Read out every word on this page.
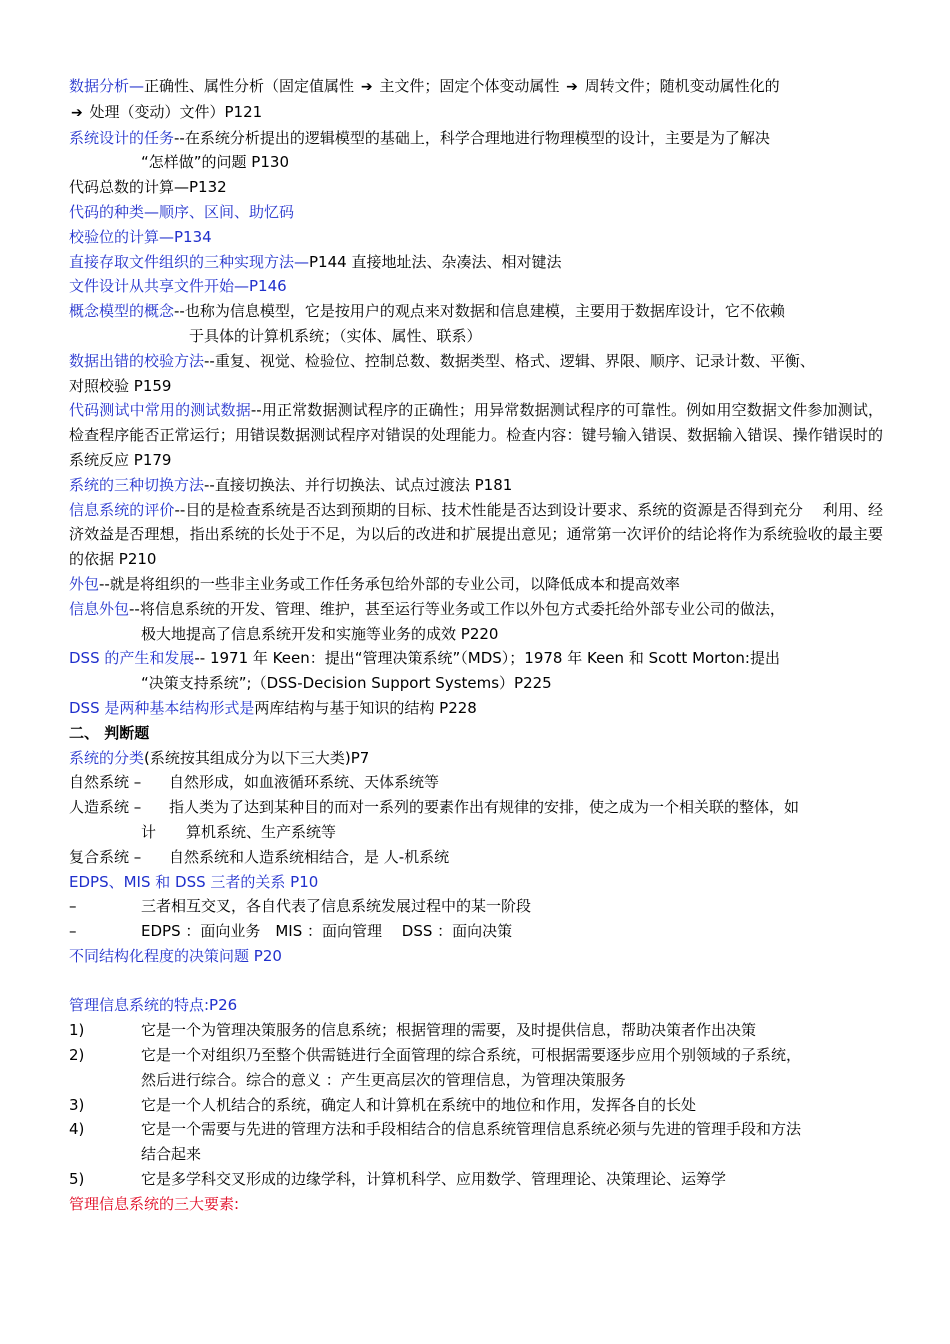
数据分析—正确性、属性分析（固定值属性 ➔ 主文件；固定个体变动属性 ➔ 周转文件；随机变动属性化的
➔ 处理（变动）文件）P121
系统设计的任务--在系统分析提出的逻辑模型的基础上，科学合理地进行物理模型的设计，主要是为了解决
“怎样做”的问题 P130
代码总数的计算—P132
代码的种类—顺序、区间、助忆码
校验位的计算—P134
直接存取文件组织的三种实现方法—P144 直接地址法、杂凑法、相对键法
文件设计从共享文件开始—P146
概念模型的概念--也称为信息模型，它是按用户的观点来对数据和信息建模，主要用于数据库设计，它不依赖
于具体的计算机系统；（实体、属性、联系）
数据出错的校验方法--重复、视觉、检验位、控制总数、数据类型、格式、逻辑、界限、顺序、记录计数、平衡、
对照校验 P159
代码测试中常用的测试数据--用正常数据测试程序的正确性；用异常数据测试程序的可靠性。例如用空数据文件参加测试，检查程序能否正常运行；用错误数据测试程序对错误的处理能力。检查内容：键号输入错误、数据输入错误、操作错误时的系统反应 P179
系统的三种切换方法--直接切换法、并行切换法、试点过渡法 P181
信息系统的评价--目的是检查系统是否达到预期的目标、技术性能是否达到设计要求、系统的资源是否得到充分　 利用、经济效益是否理想，指出系统的长处于不足，为以后的改进和扩展提出意见；通常第一次评价的结论将作为系统验收的最主要的依据 P210
外包--就是将组织的一些非主业务或工作任务承包给外部的专业公司，以降低成本和提高效率
信息外包--将信息系统的开发、管理、维护，甚至运行等业务或工作以外包方式委托给外部专业公司的做法，
极大地提高了信息系统开发和实施等业务的成效 P220
DSS 的产生和发展-- 1971 年 Keen：提出“管理决策系统”（MDS）；1978 年 Keen 和 Scott Morton:提出
“决策支持系统”;（DSS-Decision Support Systems）P225
DSS 是两种基本结构形式是两库结构与基于知识的结构 P228
二、 判断题
系统的分类(系统按其组成分为以下三大类)P7
自然系统 – 自然形成，如血液循环系统、天体系统等
人造系统 – 指人类为了达到某种目的而对一系列的要素作出有规律的安排，使之成为一个相关联的整体，如
计　　算机系统、生产系统等
复合系统 – 自然系统和人造系统相结合，是 人-机系统
EDPS、MIS 和 DSS 三者的关系 P10
–	三者相互交叉，各自代表了信息系统发展过程中的某一阶段
–	EDPS ：面向业务　MIS ：面向管理　 DSS ：面向决策
不同结构化程度的决策问题 P20
管理信息系统的特点:P26
1)	它是一个为管理决策服务的信息系统；根据管理的需要，及时提供信息，帮助决策者作出决策
2)	它是一个对组织乃至整个供需链进行全面管理的综合系统，可根据需要逐步应用个别领域的子系统，
然后进行综合。综合的意义 ：产生更高层次的管理信息，为管理决策服务
3)	它是一个人机结合的系统，确定人和计算机在系统中的地位和作用，发挥各自的长处
4)	它是一个需要与先进的管理方法和手段相结合的信息系统管理信息系统必须与先进的管理手段和方法
结合起来
5)	它是多学科交叉形成的边缘学科，计算机科学、应用数学、管理理论、决策理论、运筹学
管理信息系统的三大要素:
